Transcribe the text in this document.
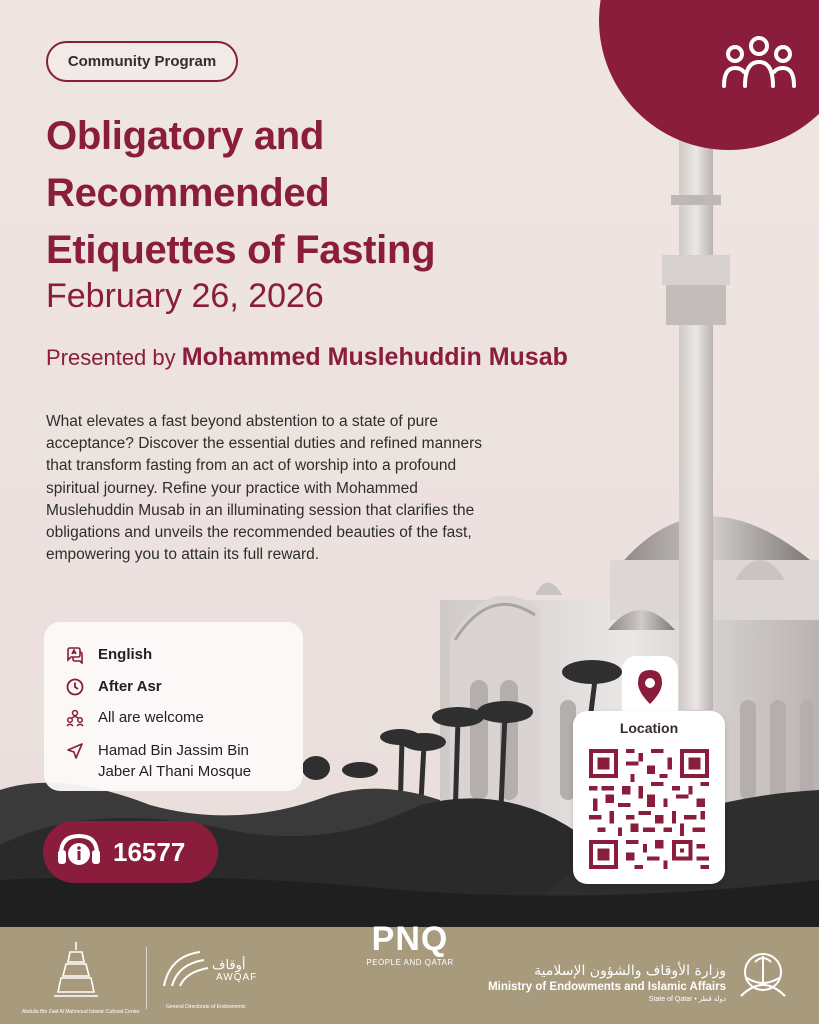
Community Program
Obligatory and
Recommended
Etiquettes of Fasting
February 26, 2026
Presented by Mohammed Muslehuddin Musab

What elevates a fast beyond abstention to a state of pure acceptance? Discover the essential duties and refined manners that transform fasting from an act of worship into a profound spiritual journey. Refine your practice with Mohammed Muslehuddin Musab in an illuminating session that clarifies the obligations and unveils the recommended beauties of the fast, empowering you to attain its full reward.

English
After Asr
All are welcome
Hamad Bin Jassim Bin
Jaber Al Thani Mosque
16577
Location
Abdulla Bin Zaid Al Mahmoud Islamic Cultural Center
أوقاف
AWQAF
General Directorate of Endowments
PNQ
PEOPLE AND QATAR
وزارة الأوقاف والشؤون الإسلامية
Ministry of Endowments and Islamic Affairs
State of Qatar • دولة قطر
